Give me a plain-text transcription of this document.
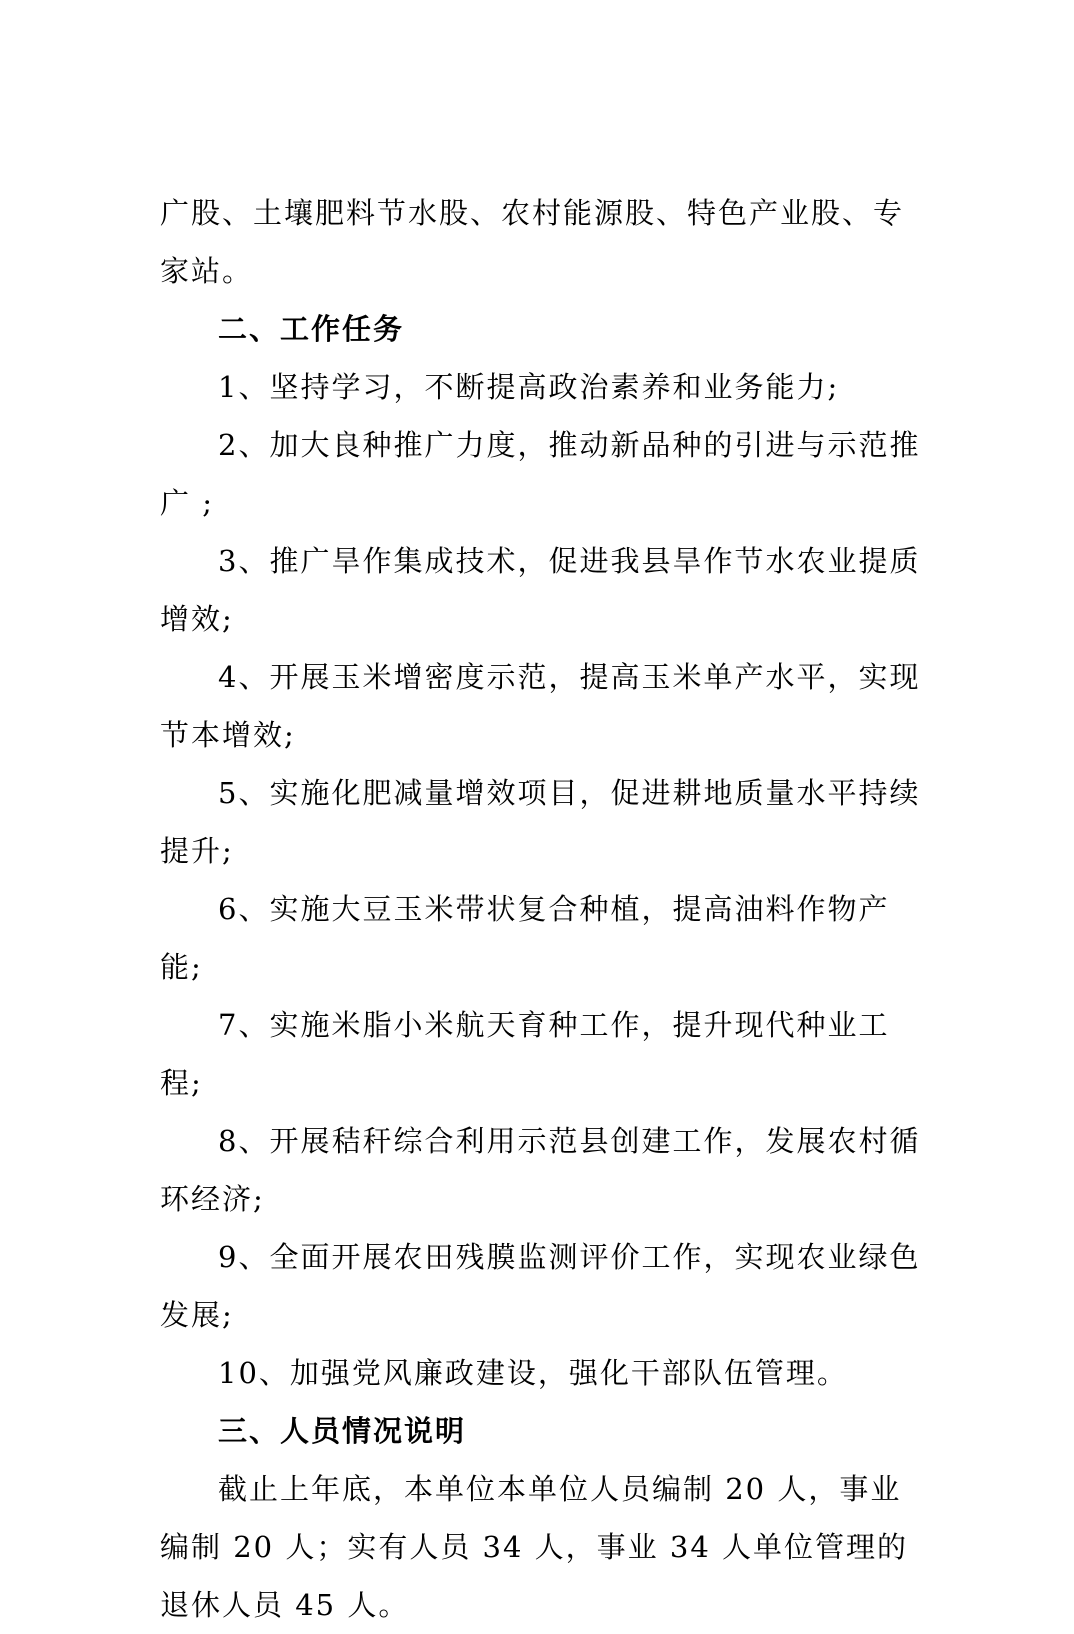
广股、土壤肥料节水股、农村能源股、特色产业股、专家站。

二、工作任务

1、坚持学习，不断提高政治素养和业务能力;

2、加大良种推广力度，推动新品种的引进与示范推广 ;

3、推广旱作集成技术，促进我县旱作节水农业提质增效;

4、开展玉米增密度示范，提高玉米单产水平，实现节本增效;

5、实施化肥减量增效项目，促进耕地质量水平持续提升;

6、实施大豆玉米带状复合种植，提高油料作物产能;

7、实施米脂小米航天育种工作，提升现代种业工程;

8、开展秸秆综合利用示范县创建工作，发展农村循环经济;

9、全面开展农田残膜监测评价工作，实现农业绿色发展;

10、加强党风廉政建设，强化干部队伍管理。

三、人员情况说明

截止上年底，本单位本单位人员编制 20 人，事业编制 20 人；实有人员 34 人，事业 34 人单位管理的退休人员 45 人。
